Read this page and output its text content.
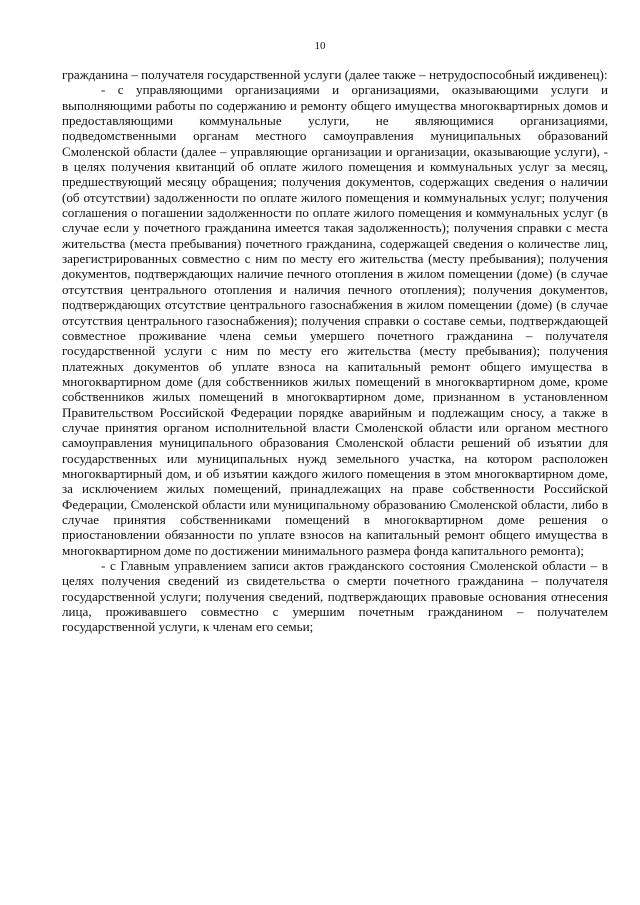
10

гражданина – получателя государственной услуги (далее также – нетрудоспособный иждивенец):

- с управляющими организациями и организациями, оказывающими услуги и выполняющими работы по содержанию и ремонту общего имущества многоквартирных домов и предоставляющими коммунальные услуги, не являющимися организациями, подведомственными органам местного самоуправления муниципальных образований Смоленской области (далее – управляющие организации и организации, оказывающие услуги), - в целях получения квитанций об оплате жилого помещения и коммунальных услуг за месяц, предшествующий месяцу обращения; получения документов, содержащих сведения о наличии (об отсутствии) задолженности по оплате жилого помещения и коммунальных услуг; получения соглашения о погашении задолженности по оплате жилого помещения и коммунальных услуг (в случае если у почетного гражданина имеется такая задолженность); получения справки с места жительства (места пребывания) почетного гражданина, содержащей сведения о количестве лиц, зарегистрированных совместно с ним по месту его жительства (месту пребывания); получения документов, подтверждающих наличие печного отопления в жилом помещении (доме) (в случае отсутствия центрального отопления и наличия печного отопления); получения документов, подтверждающих отсутствие центрального газоснабжения в жилом помещении (доме) (в случае отсутствия центрального газоснабжения); получения справки о составе семьи, подтверждающей совместное проживание члена семьи умершего почетного гражданина – получателя государственной услуги с ним по месту его жительства (месту пребывания); получения платежных документов об уплате взноса на капитальный ремонт общего имущества в многоквартирном доме (для собственников жилых помещений в многоквартирном доме, кроме собственников жилых помещений в многоквартирном доме, признанном в установленном Правительством Российской Федерации порядке аварийным и подлежащим сносу, а также в случае принятия органом исполнительной власти Смоленской области или органом местного самоуправления муниципального образования Смоленской области решений об изъятии для государственных или муниципальных нужд земельного участка, на котором расположен многоквартирный дом, и об изъятии каждого жилого помещения в этом многоквартирном доме, за исключением жилых помещений, принадлежащих на праве собственности Российской Федерации, Смоленской области или муниципальному образованию Смоленской области, либо в случае принятия собственниками помещений в многоквартирном доме решения о приостановлении обязанности по уплате взносов на капитальный ремонт общего имущества в многоквартирном доме по достижении минимального размера фонда капитального ремонта);

- с Главным управлением записи актов гражданского состояния Смоленской области – в целях получения сведений из свидетельства о смерти почетного гражданина – получателя государственной услуги; получения сведений, подтверждающих правовые основания отнесения лица, проживавшего совместно с умершим почетным гражданином – получателем государственной услуги, к членам его семьи;
